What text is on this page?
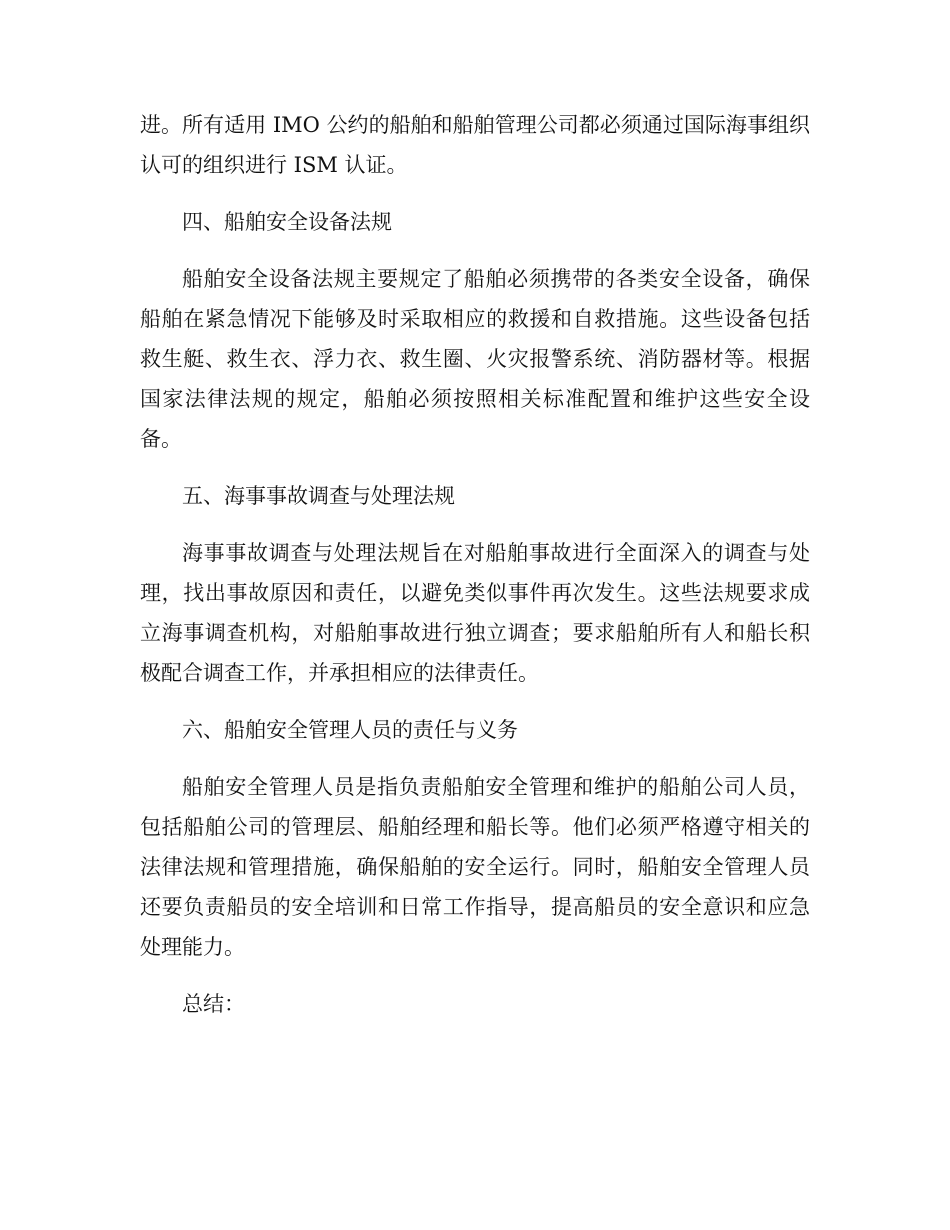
进。所有适用 IMO 公约的船舶和船舶管理公司都必须通过国际海事组织认可的组织进行 ISM 认证。

四、船舶安全设备法规

船舶安全设备法规主要规定了船舶必须携带的各类安全设备，确保船舶在紧急情况下能够及时采取相应的救援和自救措施。这些设备包括救生艇、救生衣、浮力衣、救生圈、火灾报警系统、消防器材等。根据国家法律法规的规定，船舶必须按照相关标准配置和维护这些安全设备。

五、海事事故调查与处理法规

海事事故调查与处理法规旨在对船舶事故进行全面深入的调查与处理，找出事故原因和责任，以避免类似事件再次发生。这些法规要求成立海事调查机构，对船舶事故进行独立调查；要求船舶所有人和船长积极配合调查工作，并承担相应的法律责任。

六、船舶安全管理人员的责任与义务

船舶安全管理人员是指负责船舶安全管理和维护的船舶公司人员，包括船舶公司的管理层、船舶经理和船长等。他们必须严格遵守相关的法律法规和管理措施，确保船舶的安全运行。同时，船舶安全管理人员还要负责船员的安全培训和日常工作指导，提高船员的安全意识和应急处理能力。

总结：
